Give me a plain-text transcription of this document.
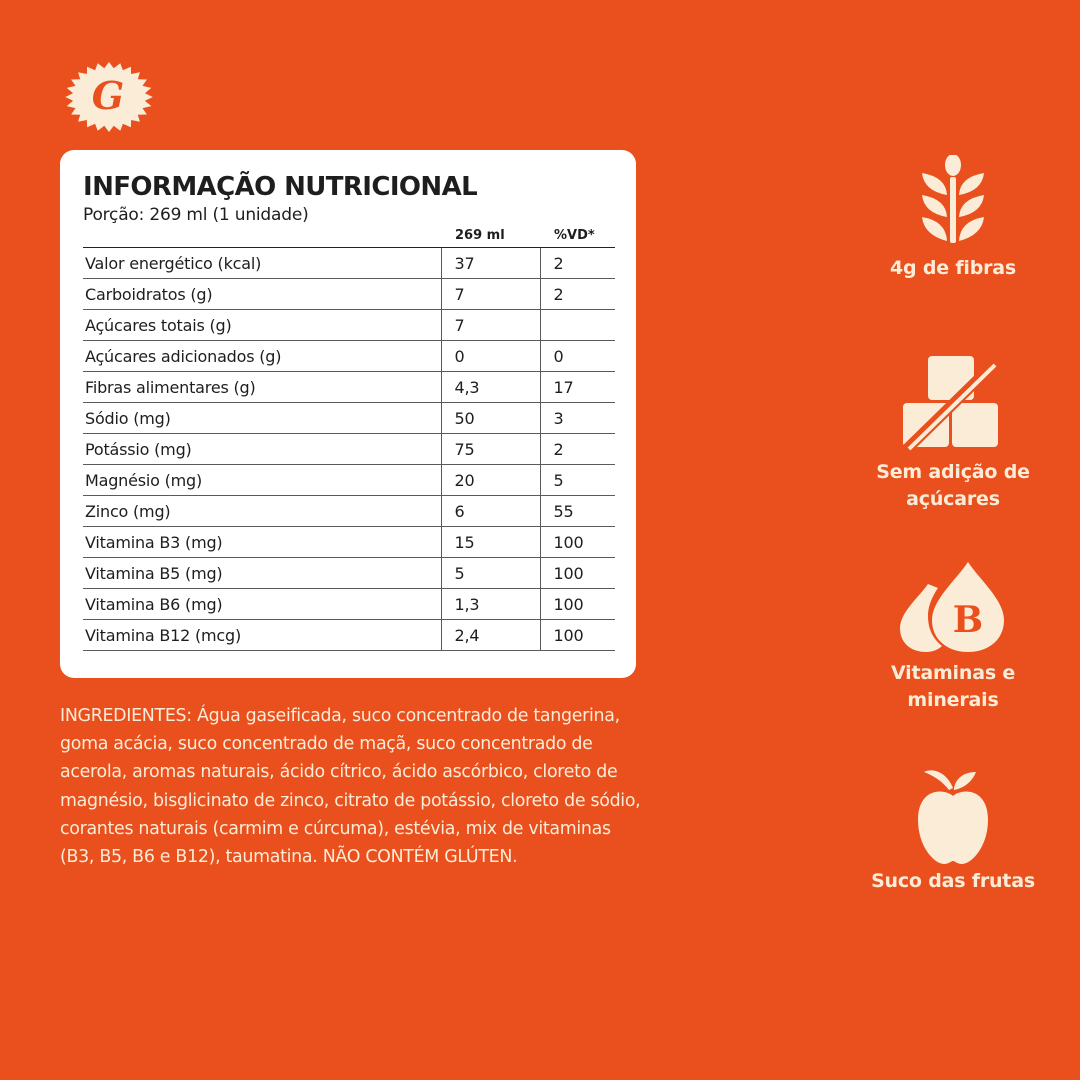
G
INFORMAÇÃO NUTRICIONAL
Porção: 269 ml (1 unidade)
	269 ml	%VD*
Valor energético (kcal)	37	2
Carboidratos (g)	7	2
Açúcares totais (g)	7	
Açúcares adicionados (g)	0	0
Fibras alimentares (g)	4,3	17
Sódio (mg)	50	3
Potássio (mg)	75	2
Magnésio (mg)	20	5
Zinco (mg)	6	55
Vitamina B3 (mg)	15	100
Vitamina B5 (mg)	5	100
Vitamina B6 (mg)	1,3	100
Vitamina B12 (mcg)	2,4	100
INGREDIENTES: Água gaseificada, suco concentrado de tangerina, goma acácia, suco concentrado de maçã, suco concentrado de acerola, aromas naturais, ácido cítrico, ácido ascórbico, cloreto de magnésio, bisglicinato de zinco, citrato de potássio, cloreto de sódio, corantes naturais (carmim e cúrcuma), estévia, mix de vitaminas (B3, B5, B6 e B12), taumatina. NÃO CONTÉM GLÚTEN.
4g de fibras
Sem adição de
açúcares
B
Vitaminas e
minerais
Suco das frutas
